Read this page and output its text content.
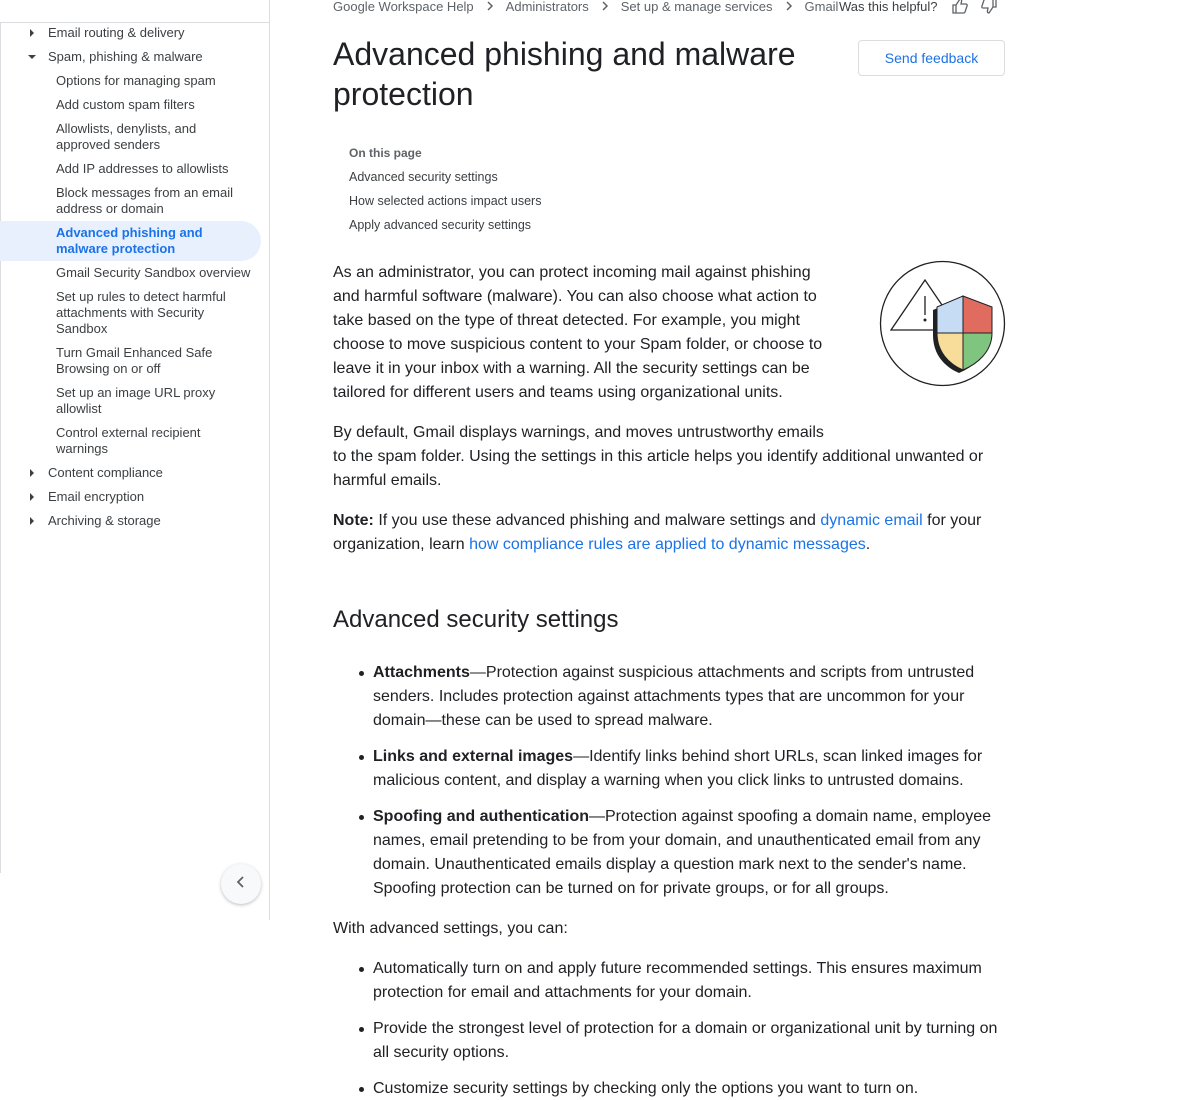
Email routing & delivery
Spam, phishing & malware
Options for managing spam
Add custom spam filters
Allowlists, denylists, and approved senders
Add IP addresses to allowlists
Block messages from an email address or domain
Advanced phishing and malware protection
Gmail Security Sandbox overview
Set up rules to detect harmful attachments with Security Sandbox
Turn Gmail Enhanced Safe Browsing on or off
Set up an image URL proxy allowlist
Control external recipient warnings
Content compliance
Email encryption
Archiving & storage
Google Workspace Help Administrators Set up & manage services Gmail Was this helpful?
Advanced phishing and malware protection
Send feedback
On this page
Advanced security settings
How selected actions impact users
Apply advanced security settings

As an administrator, you can protect incoming mail against phishing and harmful software (malware). You can also choose what action to take based on the type of threat detected. For example, you might choose to move suspicious content to your Spam folder, or choose to leave it in your inbox with a warning. All the security settings can be tailored for different users and teams using organizational units.

By default, Gmail displays warnings, and moves untrustworthy emails
to the spam folder. Using the settings in this article helps you identify additional unwanted or harmful emails.

Note: If you use these advanced phishing and malware settings and dynamic email for your organization, learn how compliance rules are applied to dynamic messages.

Advanced security settings
Attachments—Protection against suspicious attachments and scripts from untrusted senders. Includes protection against attachments types that are uncommon for your domain—these can be used to spread malware.
Links and external images—Identify links behind short URLs, scan linked images for malicious content, and display a warning when you click links to untrusted domains.
Spoofing and authentication—Protection against spoofing a domain name, employee names, email pretending to be from your domain, and unauthenticated email from any domain. Unauthenticated emails display a question mark next to the sender's name. Spoofing protection can be turned on for private groups, or for all groups.

With advanced settings, you can:

Automatically turn on and apply future recommended settings. This ensures maximum protection for email and attachments for your domain.
Provide the strongest level of protection for a domain or organizational unit by turning on all security options.
Customize security settings by checking only the options you want to turn on.
